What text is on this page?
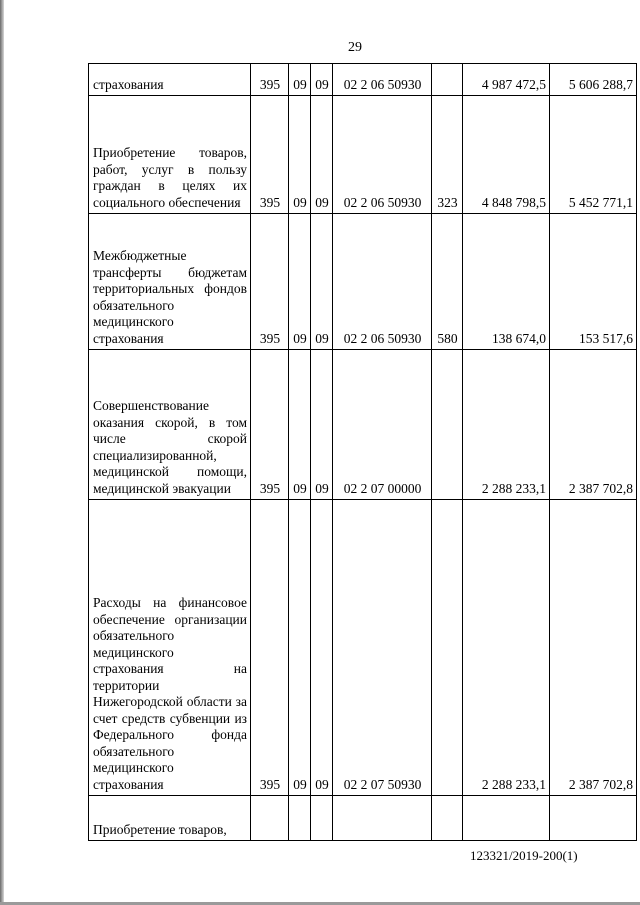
29
страхования	395	09	09	02 2 06 50930		4 987 472,5	5 606 288,7
Приобретение товаров, работ, услуг в пользу граждан в целях их социального обеспечения	395	09	09	02 2 06 50930	323	4 848 798,5	5 452 771,1
Межбюджетные трансферты бюджетам территориальных фондов обязательного медицинского страхования	395	09	09	02 2 06 50930	580	138 674,0	153 517,6
Совершенствование оказания скорой, в том числе скорой специализированной, медицинской помощи, медицинской эвакуации	395	09	09	02 2 07 00000		2 288 233,1	2 387 702,8
Расходы на финансовое обеспечение организации обязательного медицинского страхования на территории Нижегородской области за счет средств субвенции из Федерального фонда обязательного медицинского страхования	395	09	09	02 2 07 50930		2 288 233,1	2 387 702,8
Приобретение товаров,							
123321/2019-200(1)
